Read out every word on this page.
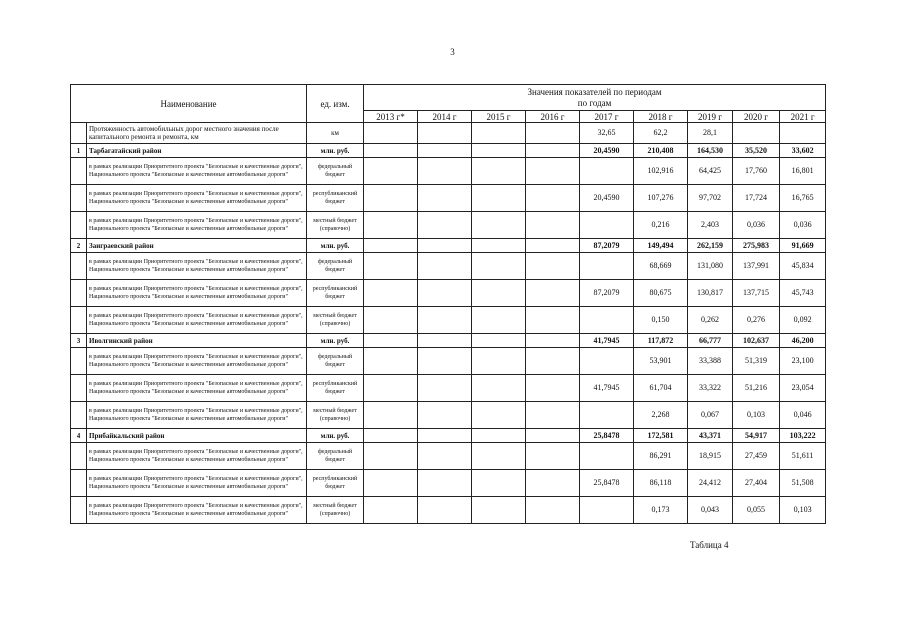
3
Наименование		ед. изм.	Значения показателей по периодам
по годам								
			2013 г*	2014 г	2015 г	2016 г	2017 г	2018 г	2019 г	2020 г	2021 г
	Протяженность автомобильных дорог местного значения после капитального ремонта и ремонта, км	км					32,65	62,2	28,1		
1	Тарбагатайский район	млн. руб.					20,4590	210,408	164,530	35,520	33,602
	в рамках реализации Приоритетного проекта "Безопасные и качественные дороги", Национального проекта "Безопасные и качественные автомобильные дороги"	федеральный бюджет						102,916	64,425	17,760	16,801
	в рамках реализации Приоритетного проекта "Безопасные и качественные дороги", Национального проекта "Безопасные и качественные автомобильные дороги"	республиканский бюджет					20,4590	107,276	97,702	17,724	16,765
	в рамках реализации Приоритетного проекта "Безопасные и качественные дороги", Национального проекта "Безопасные и качественные автомобильные дороги"	местный бюджет (справочно)						0,216	2,403	0,036	0,036
2	Заиграевский район	млн. руб.					87,2079	149,494	262,159	275,983	91,669
	в рамках реализации Приоритетного проекта "Безопасные и качественные дороги", Национального проекта "Безопасные и качественные автомобильные дороги"	федеральный бюджет						68,669	131,080	137,991	45,834
	в рамках реализации Приоритетного проекта "Безопасные и качественные дороги", Национального проекта "Безопасные и качественные автомобильные дороги"	республиканский бюджет					87,2079	80,675	130,817	137,715	45,743
	в рамках реализации Приоритетного проекта "Безопасные и качественные дороги", Национального проекта "Безопасные и качественные автомобильные дороги"	местный бюджет (справочно)						0,150	0,262	0,276	0,092
3	Иволгинский район	млн. руб.					41,7945	117,872	66,777	102,637	46,200
	в рамках реализации Приоритетного проекта "Безопасные и качественные дороги", Национального проекта "Безопасные и качественные автомобильные дороги"	федеральный бюджет						53,901	33,388	51,319	23,100
	в рамках реализации Приоритетного проекта "Безопасные и качественные дороги", Национального проекта "Безопасные и качественные автомобильные дороги"	республиканский бюджет					41,7945	61,704	33,322	51,216	23,054
	в рамках реализации Приоритетного проекта "Безопасные и качественные дороги", Национального проекта "Безопасные и качественные автомобильные дороги"	местный бюджет (справочно)						2,268	0,067	0,103	0,046
4	Прибайкальский район	млн. руб.					25,8478	172,581	43,371	54,917	103,222
	в рамках реализации Приоритетного проекта "Безопасные и качественные дороги", Национального проекта "Безопасные и качественные автомобильные дороги"	федеральный бюджет						86,291	18,915	27,459	51,611
	в рамках реализации Приоритетного проекта "Безопасные и качественные дороги", Национального проекта "Безопасные и качественные автомобильные дороги"	республиканский бюджет					25,8478	86,118	24,412	27,404	51,508
	в рамках реализации Приоритетного проекта "Безопасные и качественные дороги", Национального проекта "Безопасные и качественные автомобильные дороги"	местный бюджет (справочно)						0,173	0,043	0,055	0,103
Таблица 4
